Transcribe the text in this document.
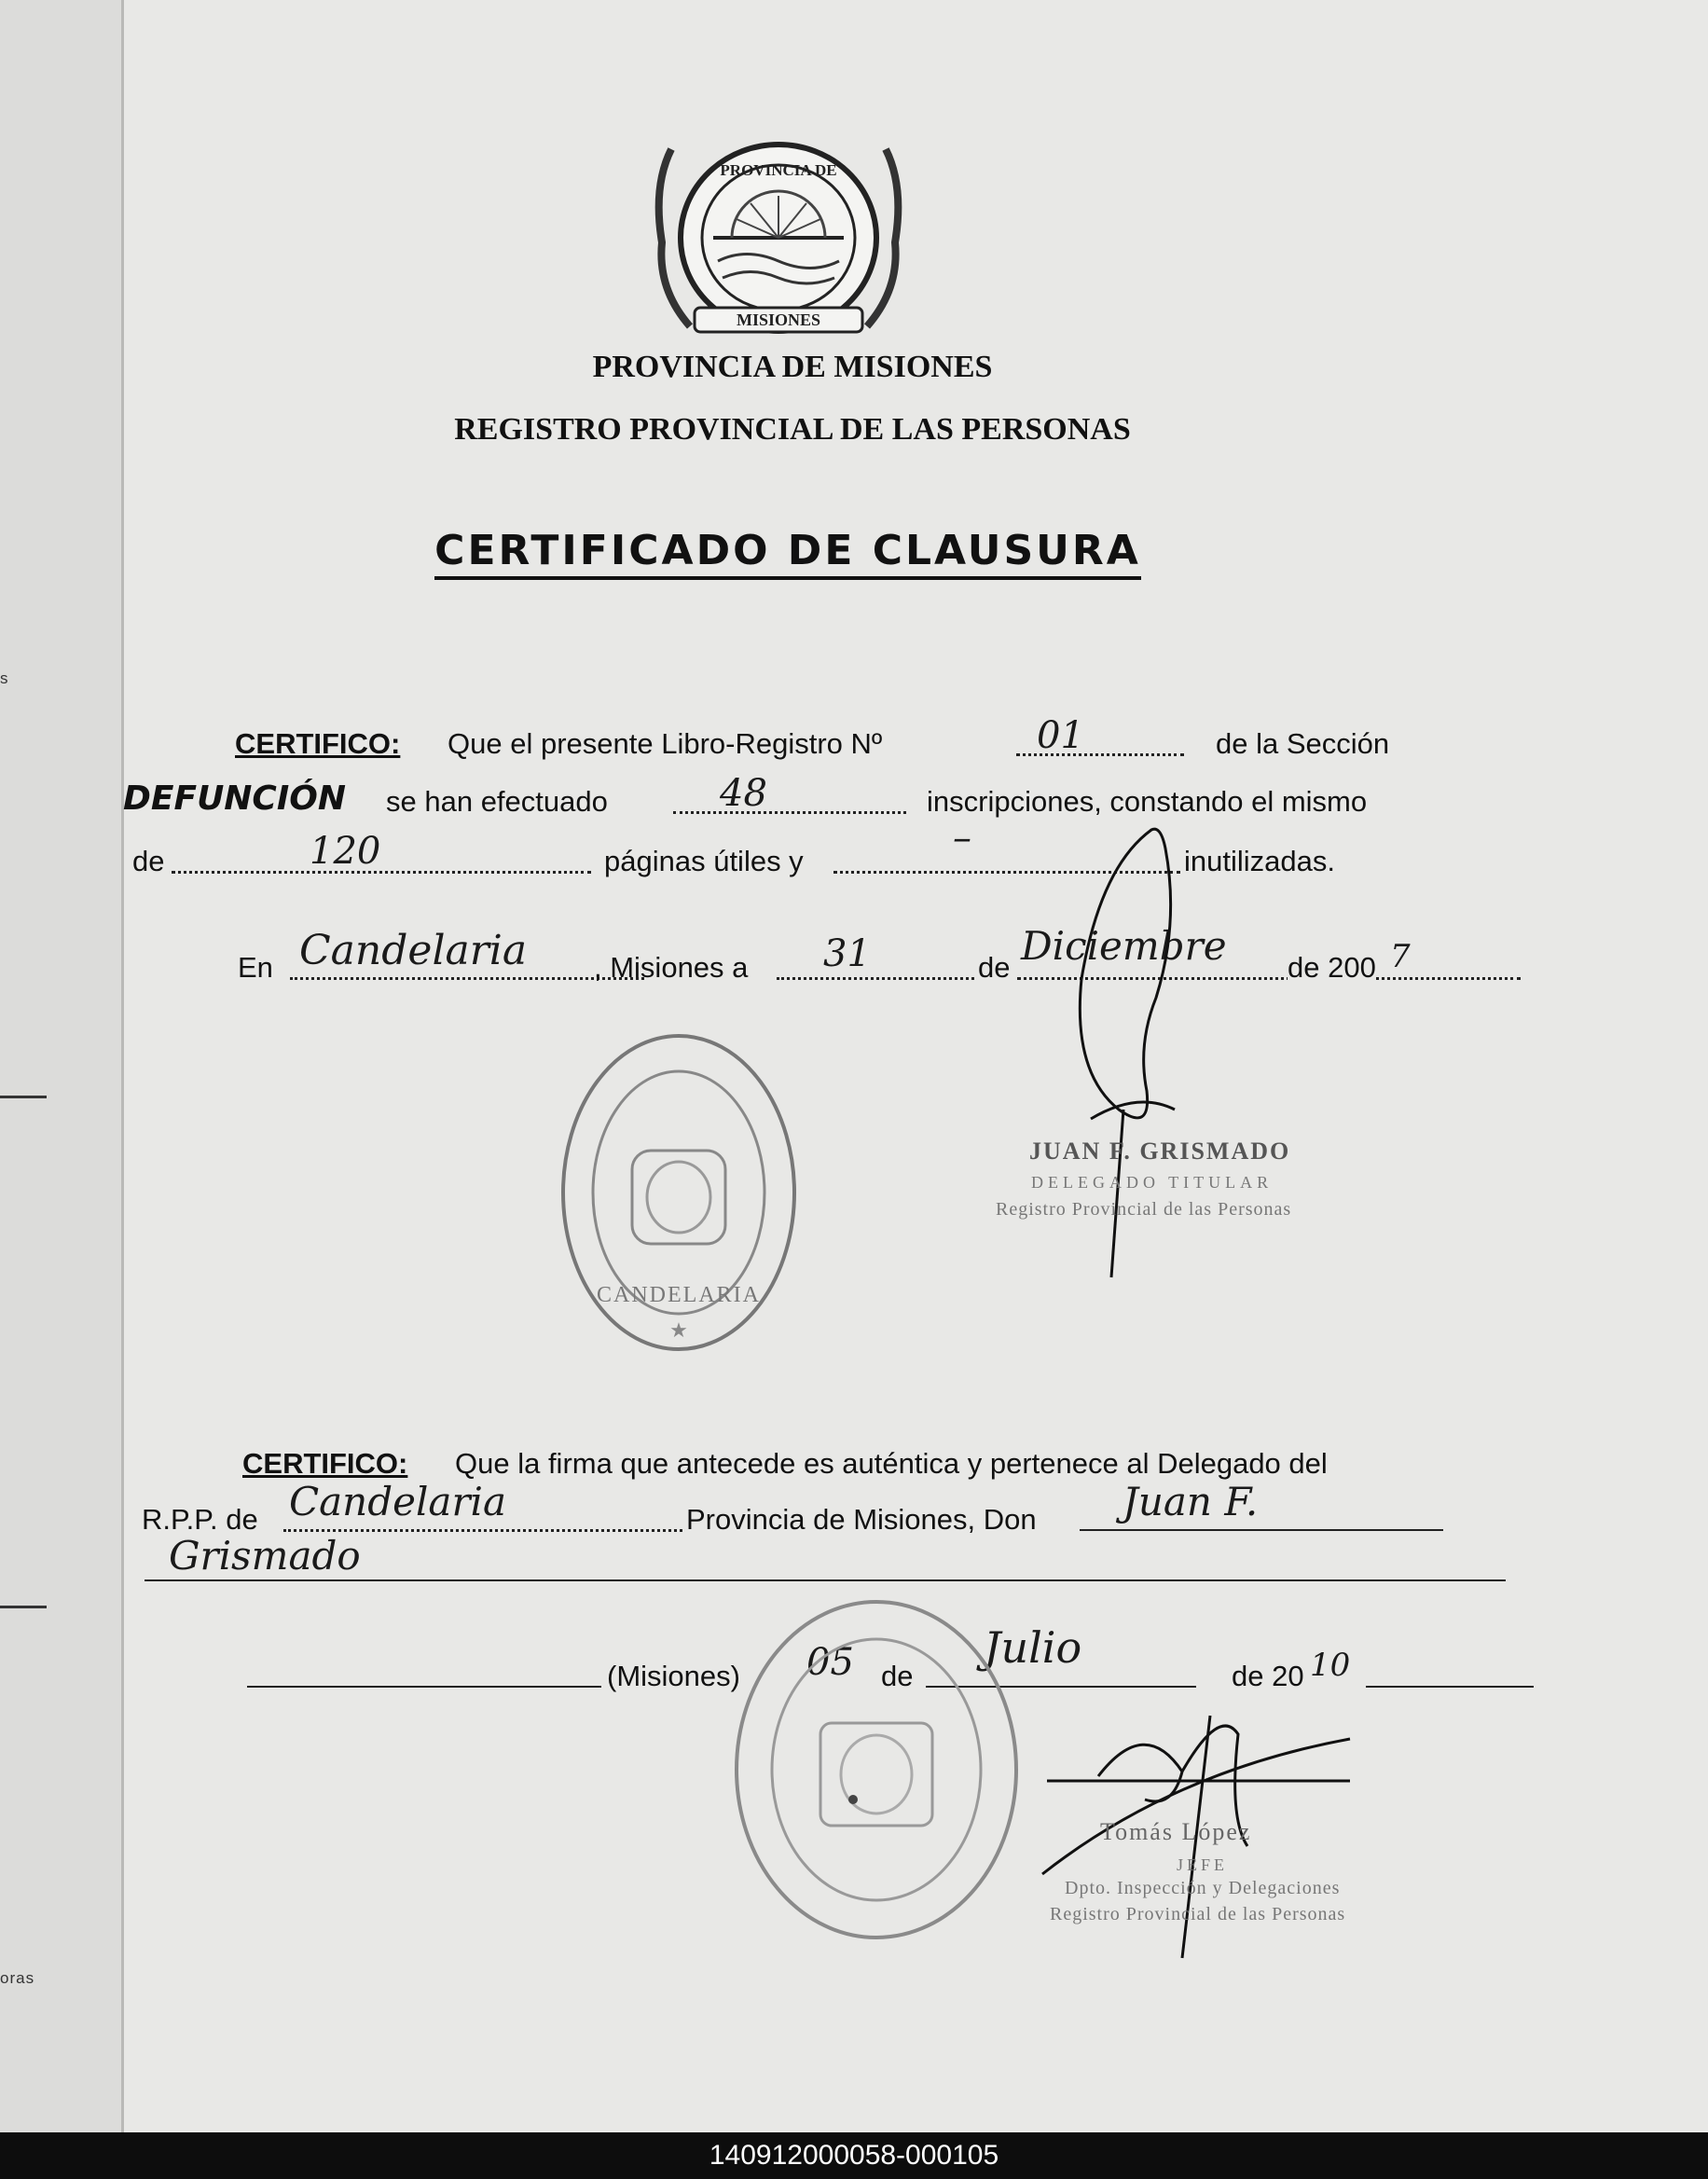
s
oras
PROVINCIA DE
MISIONES
PROVINCIA DE MISIONES
REGISTRO PROVINCIAL DE LAS PERSONAS
CERTIFICADO DE CLAUSURA
CERTIFICO: Que el presente Libro-Registro Nº	01	de la Sección
DEFUNCIÓN se han efectuado	48	inscripciones, constando el mismo
de	120	páginas útiles y
–
inutilizadas.
En Candelaria , Misiones a 31	de Diciembre de 200 7
★
CANDELARIA
JUAN F. GRISMADO
DELEGADO TITULAR
Registro Provincial de las Personas
CERTIFICO: Que la firma que antecede es auténtica y pertenece al Delegado del
R.P.P. de Candelaria	Provincia de Misiones, Don Juan F.
Grismado
(Misiones) 05 de
Julio
de 20 10
Tomás López
JEFE
Dpto. Inspección y Delegaciones
Registro Provincial de las Personas
140912000058-000105
